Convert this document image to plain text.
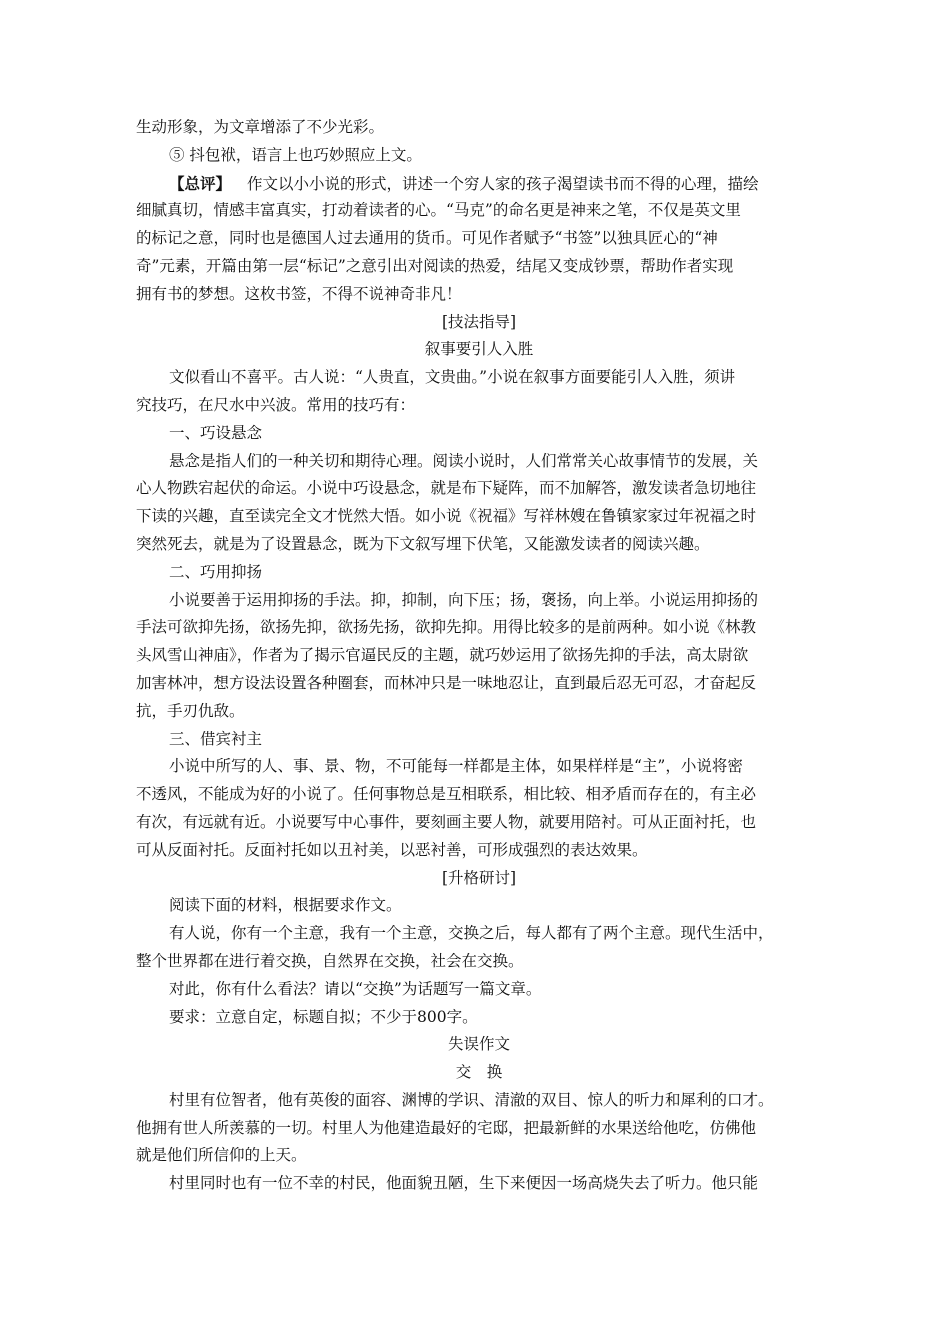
生动形象，为文章增添了不少光彩。
⑤ 抖包袱，语言上也巧妙照应上文。
【总评】 作文以小小说的形式，讲述一个穷人家的孩子渴望读书而不得的心理，描绘
细腻真切，情感丰富真实，打动着读者的心。“马克”的命名更是神来之笔，不仅是英文里
的标记之意，同时也是德国人过去通用的货币。可见作者赋予“书签”以独具匠心的“神
奇”元素，开篇由第一层“标记”之意引出对阅读的热爱，结尾又变成钞票，帮助作者实现
拥有书的梦想。这枚书签，不得不说神奇非凡！
[技法指导]
叙事要引人入胜
文似看山不喜平。古人说：“人贵直，文贵曲。”小说在叙事方面要能引人入胜，须讲
究技巧，在尺水中兴波。常用的技巧有：
一、巧设悬念
悬念是指人们的一种关切和期待心理。阅读小说时，人们常常关心故事情节的发展，关
心人物跌宕起伏的命运。小说中巧设悬念，就是布下疑阵，而不加解答，激发读者急切地往
下读的兴趣，直至读完全文才恍然大悟。如小说《祝福》写祥林嫂在鲁镇家家过年祝福之时
突然死去，就是为了设置悬念，既为下文叙写埋下伏笔，又能激发读者的阅读兴趣。
二、巧用抑扬
小说要善于运用抑扬的手法。抑，抑制，向下压；扬，褒扬，向上举。小说运用抑扬的
手法可欲抑先扬，欲扬先抑，欲扬先扬，欲抑先抑。用得比较多的是前两种。如小说《林教
头风雪山神庙》，作者为了揭示官逼民反的主题，就巧妙运用了欲扬先抑的手法，高太尉欲
加害林冲，想方设法设置各种圈套，而林冲只是一味地忍让，直到最后忍无可忍，才奋起反
抗，手刃仇敌。
三、借宾衬主
小说中所写的人、事、景、物，不可能每一样都是主体，如果样样是“主”，小说将密
不透风，不能成为好的小说了。任何事物总是互相联系，相比较、相矛盾而存在的，有主必
有次，有远就有近。小说要写中心事件，要刻画主要人物，就要用陪衬。可从正面衬托，也
可从反面衬托。反面衬托如以丑衬美，以恶衬善，可形成强烈的表达效果。
[升格研讨]
阅读下面的材料，根据要求作文。
有人说，你有一个主意，我有一个主意，交换之后，每人都有了两个主意。现代生活中，
整个世界都在进行着交换，自然界在交换，社会在交换。
对此，你有什么看法？请以“交换”为话题写一篇文章。
要求：立意自定，标题自拟；不少于800字。
失误作文
交　换
村里有位智者，他有英俊的面容、渊博的学识、清澈的双目、惊人的听力和犀利的口才。
他拥有世人所羡慕的一切。村里人为他建造最好的宅邸，把最新鲜的水果送给他吃，仿佛他
就是他们所信仰的上天。
村里同时也有一位不幸的村民，他面貌丑陋，生下来便因一场高烧失去了听力。他只能
